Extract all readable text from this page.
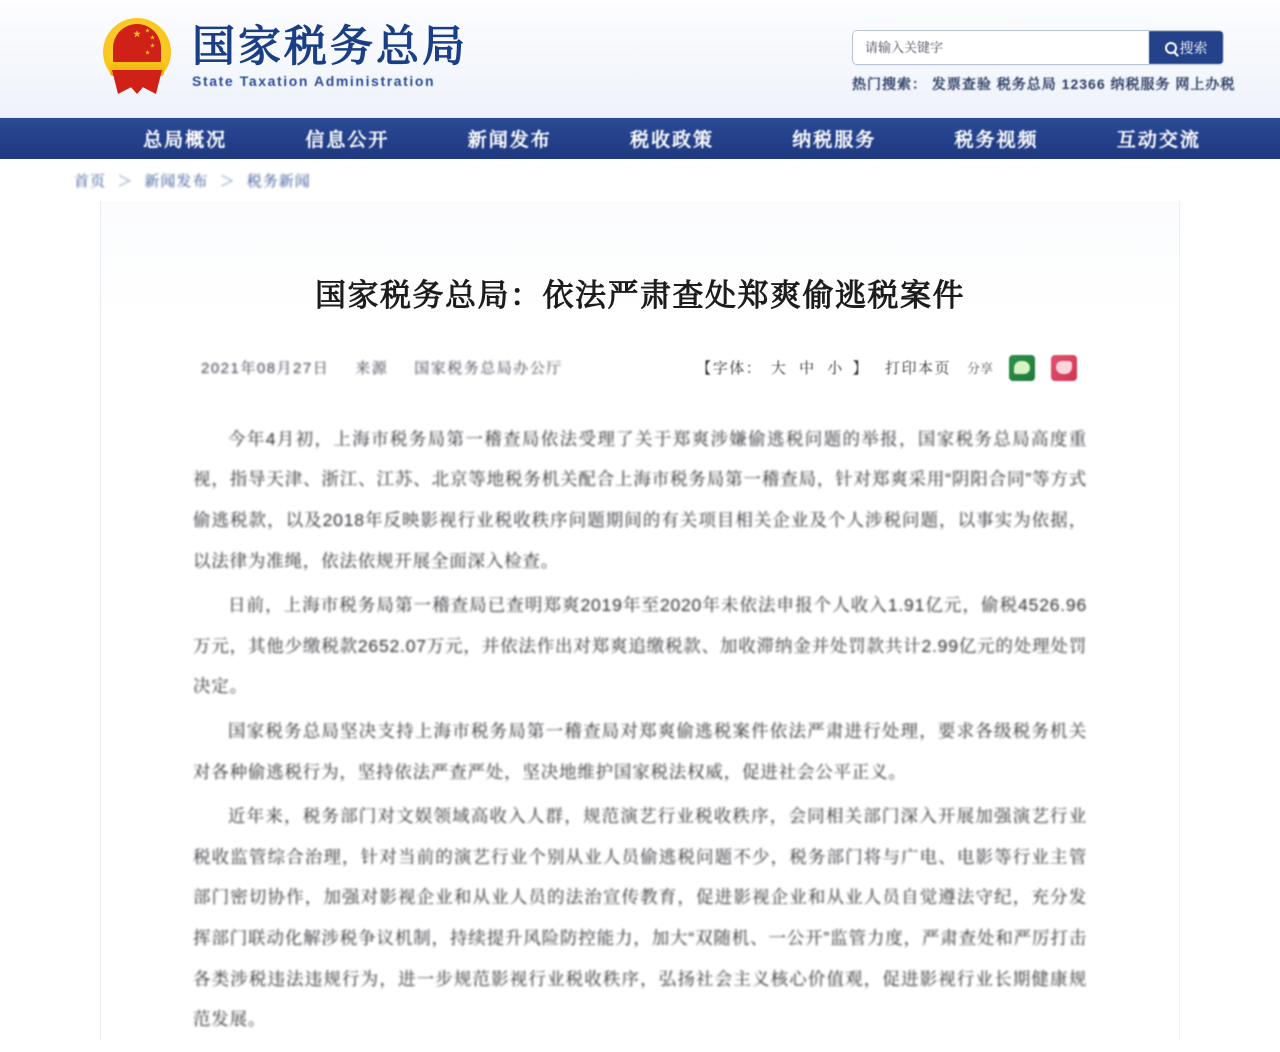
国家税务总局
State Taxation Administration
请输入关键字
搜索
热门搜索： 发票查验 税务总局 12366 纳税服务 网上办税
总局概况	信息公开	新闻发布	税收政策	纳税服务	税务视频	互动交流
首页 ＞ 新闻发布 ＞ 税务新闻
国家税务总局：依法严肃查处郑爽偷逃税案件
2021年08月27日 来源 国家税务总局办公厅	【字体： 大 中 小 】 打印本页 分享

今年4月初，上海市税务局第一稽查局依法受理了关于郑爽涉嫌偷逃税问题的举报，国家税务总局高度重视，指导天津、浙江、江苏、北京等地税务机关配合上海市税务局第一稽查局，针对郑爽采用“阴阳合同”等方式偷逃税款，以及2018年反映影视行业税收秩序问题期间的有关项目相关企业及个人涉税问题，以事实为依据，以法律为准绳，依法依规开展全面深入检查。

日前，上海市税务局第一稽查局已查明郑爽2019年至2020年未依法申报个人收入1.91亿元，偷税4526.96万元，其他少缴税款2652.07万元，并依法作出对郑爽追缴税款、加收滞纳金并处罚款共计2.99亿元的处理处罚决定。

国家税务总局坚决支持上海市税务局第一稽查局对郑爽偷逃税案件依法严肃进行处理，要求各级税务机关对各种偷逃税行为，坚持依法严查严处，坚决地维护国家税法权威，促进社会公平正义。

近年来，税务部门对文娱领域高收入人群，规范演艺行业税收秩序，会同相关部门深入开展加强演艺行业税收监管综合治理，针对当前的演艺行业个别从业人员偷逃税问题不少，税务部门将与广电、电影等行业主管部门密切协作，加强对影视企业和从业人员的法治宣传教育，促进影视企业和从业人员自觉遵法守纪，充分发挥部门联动化解涉税争议机制，持续提升风险防控能力，加大“双随机、一公开”监管力度，严肃查处和严厉打击各类涉税违法违规行为，进一步规范影视行业税收秩序，弘扬社会主义核心价值观，促进影视行业长期健康规范发展。
